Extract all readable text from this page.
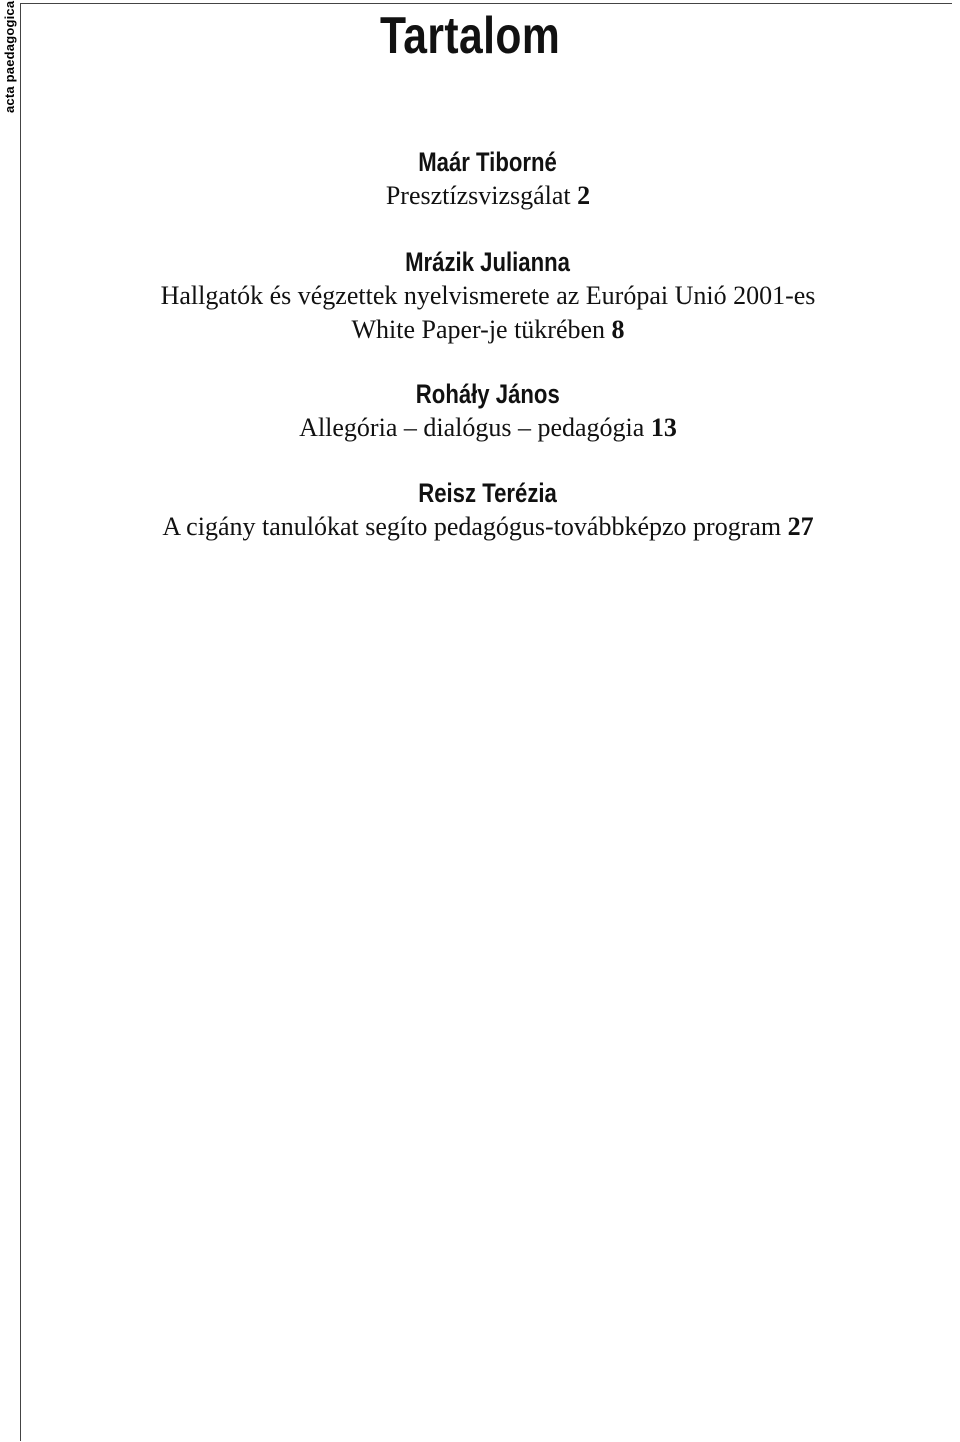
acta paedagogica	Tartalom
Maár Tiborné
Presztízsvizsgálat 2
Mrázik Julianna
Hallgatók és végzettek nyelvismerete az Európai Unió 2001-es
White Paper-je tükrében 8
Roháły János
Allegória – dialógus – pedagógia 13
Reisz Terézia
A cigány tanulókat segíto pedagógus-továbbképzo program 27
